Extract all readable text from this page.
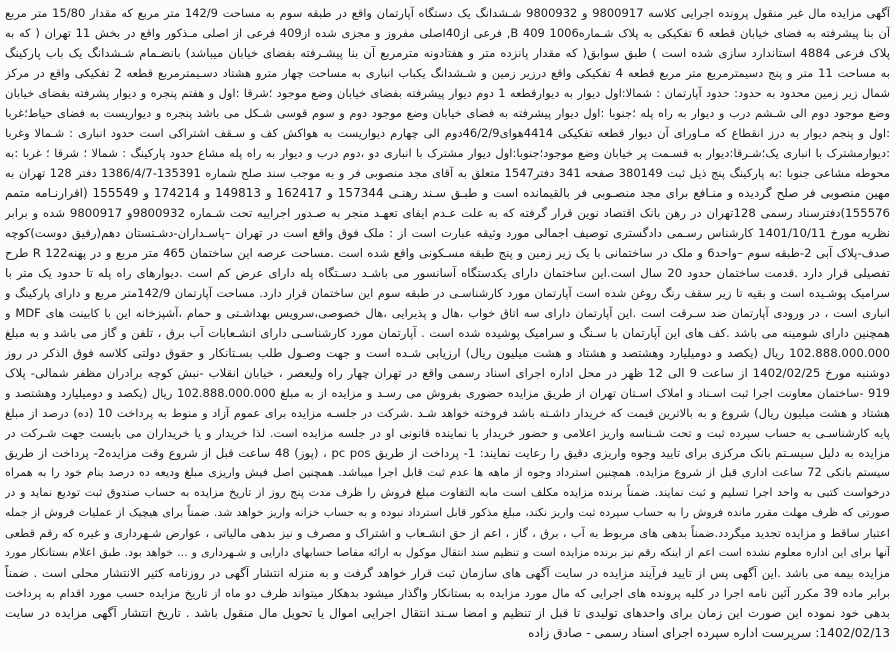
آگهی مزایده مال غیر منقول پرونده اجرایی کلاسه 9800917 و 9800932 شـشدانگ یک دستگاه آپارتمان واقع در طبقه سوم به مساحت 142/9 متر مربع که مقدار 15/80 متر مربع
آن بنا پیشرفته به فضای خیابان قطعه 6 تفکیکی به پلاک شـماره1006 B 409, فرعی از40اصلی مفروز و مجزی شده از409 فرعی از اصلی مـذکور واقع در بخش 11 تهران ( که به
پلاک فرعی 4884 استاندارد سازی شده است ) طبق سوابق( که مقدار پانزده متر و هفتادونه مترمربع آن بنا پیشـرفته بفضای خیابان میباشد) بانضـمام شـشدانگ یک باب پارکینگ
به مساحت 11 متر و پنج دسیمترمربع متر مربع قطعه 4 تفکیکی واقع درزیر زمین و شـشدانگ یکباب انباری به مساحت چهار مترو هشتاد دسـیمترمربع قطعه 2 تفکیکی واقع در مرکز
شمال زیر زمین محدود به حدود: حدود آپارتمان : شمالا:اول دیوار به دیوارقطعه 1 دوم دیوار پیشرفته بفضای خیابان وضع موجود ؛شرقا :اول و هفتم پنجره و دیوار پشرفته بفضای خیابان
وضع موجود دوم الی شـشم درب و دیوار به راه پله ؛جنوبا :اول دیوار پیشرفته به فضای خیابان وضع موجود دوم و سوم قوسی شـکل می باشد پنجره و دیواریست به فضای حیاط؛غربا
:اول و پنجم دیوار به درز انقطاع که مـاورای آن دیوار قطعه تفکیکی 4414هوای46/2/9دوم الی چهارم دیواریست به هواکش کف و سـقف اشتراکی است حدود انباری : شـمالا وغربا
:دیوارمشترک با انباری یک؛شـرقا:دیوار به قسـمت پر خیابان وضع موجود؛جنوبا:اول دیوار مشترک با انباری دو ،دوم درب و دیوار به راه پله مشاع حدود پارکینگ : شمالا ؛ شرقا ؛ غربا :به
محوطه مشاعی جنوبا :به پارکینگ پنج ذیل ثبت 380149 صفحه 341 دفتر1547 متعلق به آقای مجد منصوبی فر و به موجب سند صلح شماره 135391-1386/4/7 دفتر 128 تهران به
مهین منصوبی فر صلح گردیده و منـافع برای مجد منصـوبی فر بالقیمانده است و طبـق سـند رهنـی 157344 و 162417 و 149813 و 174214 و 155549 (اقرارنـامه متمم
155576)دفترسناد رسمی 128تهران در رهن بانک اقتصاد نوین قرار گرفته که به علت عـدم ایفای تعهـد منجر به صـدور اجراییه تحت شـماره 9800932و 9800917 شده و برابر
نظریه مورخ 1401/10/11 کارشناس رسـمی دادگستری توصیف اجمالی مورد وثیقه عبارت است از : ملک فوق واقع است در تهران –پاسـداران-دشـتستان دهم(رفیق دوست)کوچه
صدف-پلاک آبی 2-طبقه سوم –واحد6 و ملک در ساختمانی با یک زیر زمین و پنج طبقه مسـکونی واقع شده است .مساحت عرصه این ساختمان 465 متر مربع و در پهنهR 122 طرح
تفصیلی قرار دارد .قدمت ساختمان حدود 20 سال است.این ساختمان دارای یکدستگاه آسانسور می باشـد دسـتگاه پله دارای عرض کم است .دیوارهای راه پله تا حدود یک متر با
سرامیک پوشـیده است و بقیه تا زیر سقف رنگ روغن شده است آپارتمان مورد کارشناسـی در طبقه سوم این ساختمان قرار دارد. مساحت آپارتمان 142/9متر مربع و دارای پارکینگ و
انباری است ، در ورودی آپارتمان ضد سـرقت است .این آپارتمان دارای سه اتاق خواب ،هال و پذیرایی ،هال خصوصی،سرویس بهداشـتی و حمام ،آشپزخانه این با کابینت های MDF و
همچنین دارای شومینه می باشد .کف های این آپارتمان با سـنگ و سرامیک پوشیده شده است . آپارتمان مورد کارشناسـی دارای انشـعابات آب برق ، تلفن و گاز می باشد و به مبلغ
102.888.000.000 ریال (یکصد و دومیلیارد وهشتصد و هشتاد و هشت میلیون ریال) ارزیابی شـده است و جهت وصـول طلب بسـتانکار و حقوق دولتی کلاسه فوق الذکر در روز
دوشنبه مورخ 1402/02/25 از ساعت 9 الی 12 ظهر در محل اداره اجرای اسناد رسمی واقع در تهران چهار راه ولیعصر ، خیابان انقلاب -نبش کوچه برادران مظفر شمالی- پلاک
919 -ساختمان معاونت اجرا ثبت اسـناد و املاک اسـتان تهران از طریق مزایده حضوری بفروش می رسـد و مزایده از به مبلغ 102.888.000.000 ریال (یکصد و دومیلیارد وهشتصد و
هشتاد و هشت میلیون ریال) شروع و به بالاترین قیمت که خریدار داشـته باشد فروخته خواهد شـد .شرکت در جلسـه مزایده برای عموم آزاد و منوط به پرداخت 10 (ده) درصد از مبلغ
پایه کارشناسـی به حساب سپرده ثبت و تحت شـناسه واریز اعلامی و حضور خریدار یا نماینده قانونی او در جلسه مزایده است. لذا خریدار و یا خریداران می بایست جهت شـرکت در
مزایده به دلیل سیسـتم بانک مرکزی برای تایید وجوه واریزی دقیق را رعایت نمایند: 1- پرداخت از طریق pc pos ، (پوز) 48 ساعت قبل از شروع وقت مزایده2- پرداخت از طریق
سیستم بانکی 72 ساعت اداری قبل از شروع مزایده. همچنین استرداد وجوه از ماهه ها عدم ثبت قابل اجرا میباشد. همچنین اصل فیش واریزی مبلغ ودیعه ده درصد بنام خود را به همراه
درخواست کتبی به واحد اجرا تسلیم و ثبت نمایند. ضمناً برنده مزایده مکلف است مابه التفاوت مبلغ فروش را ظرف مدت پنج روز از تاریخ مزایده به حساب صندوق ثبت تودیع نماید و در
صورتی که ظرف مهلت مقرر مانده فروش را به حساب سپرده ثبت واریز نکند، مبلغ مذکور قابل استرداد نبوده و به حساب خزانه واریز خواهد شد. ضمناً برای هیچیک از عملیات فروش از جمله
اعتبار ساقط و مزایده تجدید میگردد.ضمناً بدهی های مربوط به آب ، برق ، گاز ، اعم از حق انشـعاب و اشتراک و مصرف و نیز بدهی مالیاتی ، عوارض شـهرداری و غیره که رقم قطعی
آنها برای این اداره معلوم نشده است اعم از اینکه رقم نیز برنده مزایده است و تنظیم سند انتقال موکول به ارائه مفاصا حسابهای دارایی و شـهرداری و ... خواهد بود. طبق اعلام بستانکار مورد
مزایده بیمه می باشد .این آگهی پس از تایید فرآیند مزایده در سایت آگهی های سازمان ثبت قرار خواهد گرفت و به منزله انتشار آگهی در روزنامه کثیر الانتشار محلی است . ضمناً
برابر ماده 39 مکرر آئین نامه اجرا در کلیه پرونده های اجرایی که مال مورد مزایده به بستانکار واگذار میشود بدهکار میتواند ظرف دو ماه از تاریخ مزایده حسب مورد اقدام به پرداخت
بدهی خود نموده این صورت این زمان برای واحدهای تولیدی تا قبل از تنظیم و امضا سـند انتقال اجرایی اموال یا تحویل مال منقول باشد . تاریخ انتشار آگهی مزایده در سایت
1402/02/13: سرپرست اداره سپرده اجرای اسناد رسمی - صادق زاده
